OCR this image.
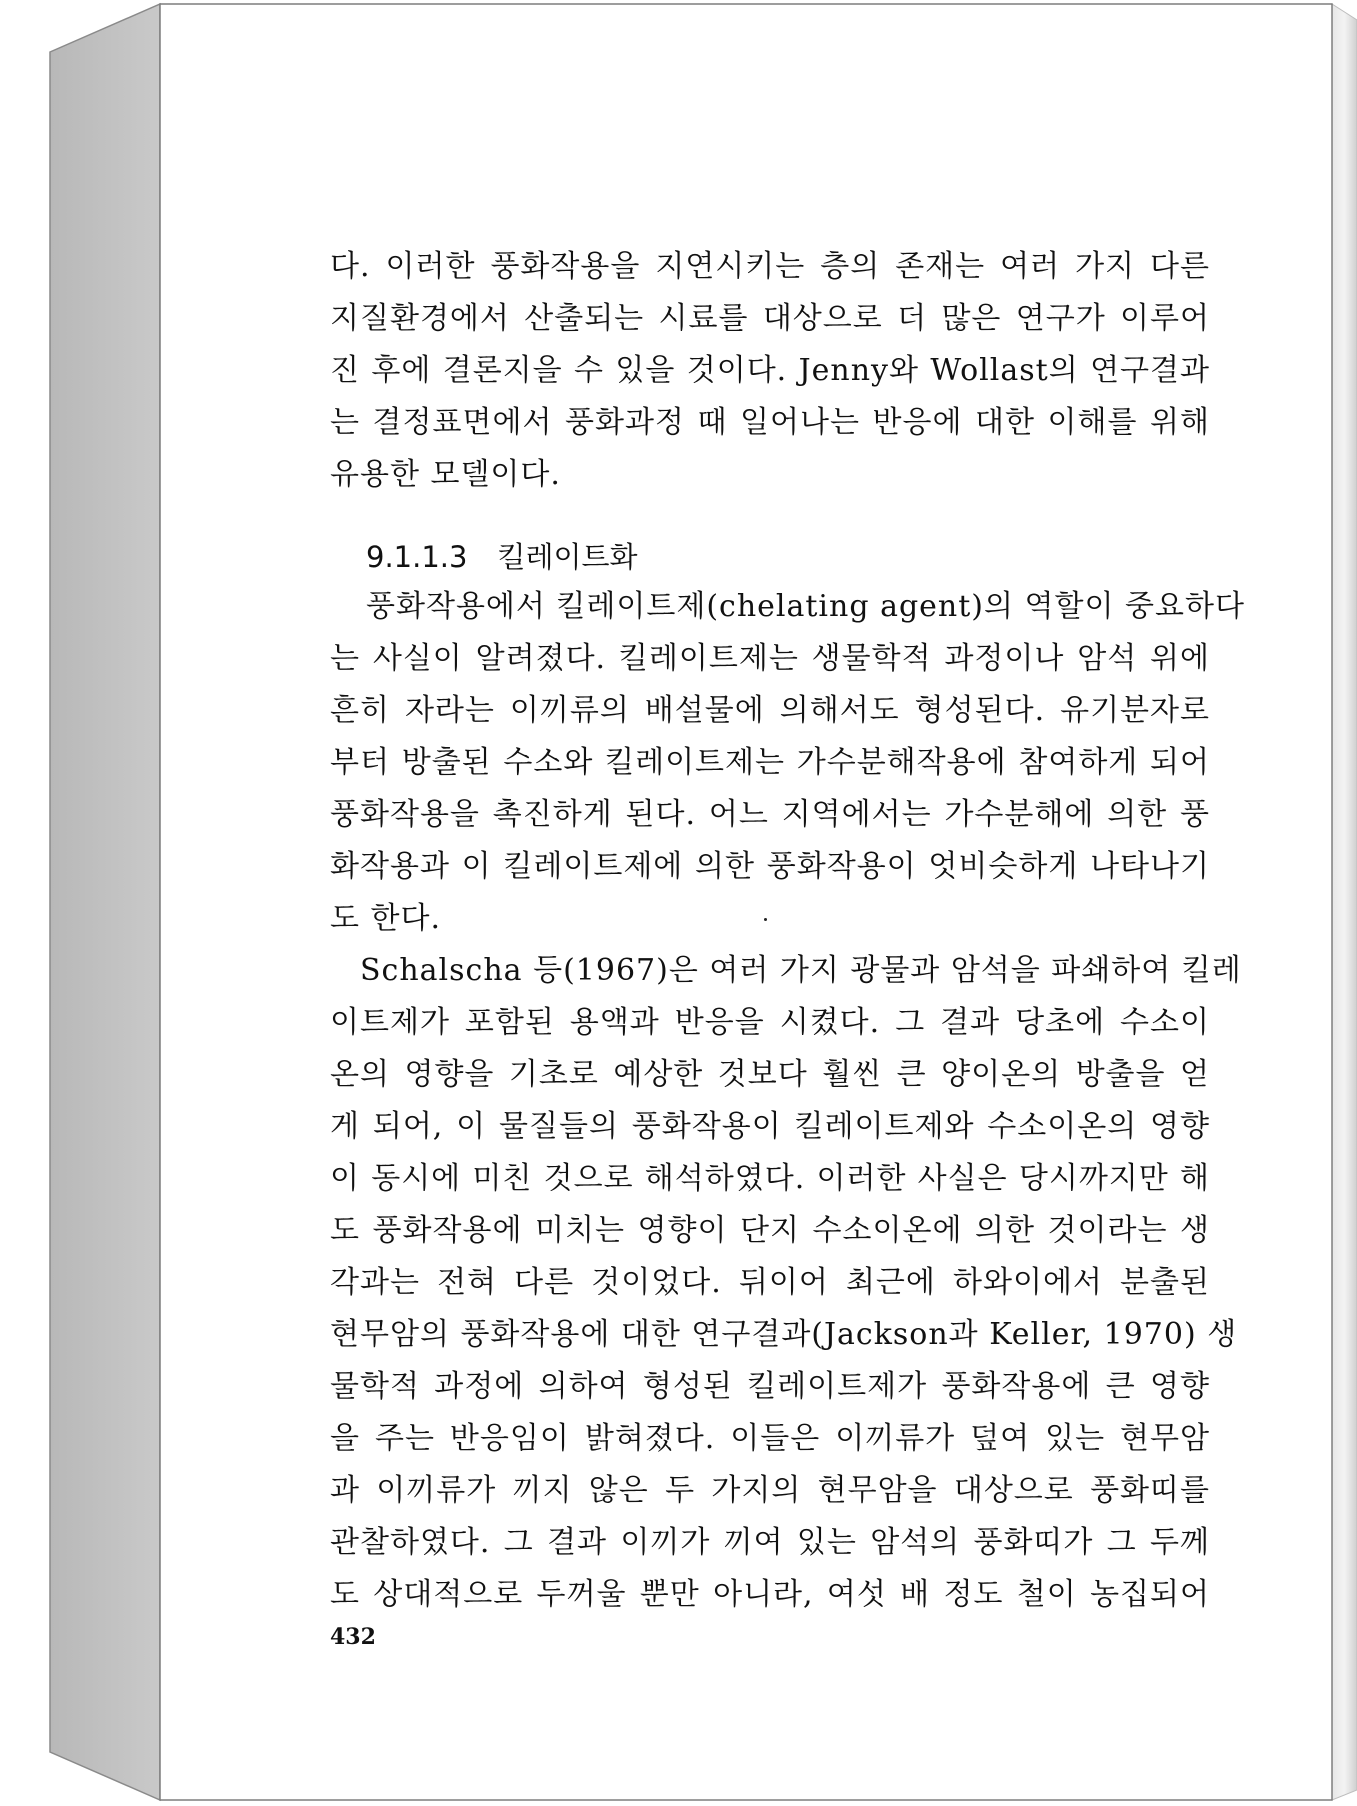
다. 이러한 풍화작용을 지연시키는 층의 존재는 여러 가지 다른
지질환경에서 산출되는 시료를 대상으로 더 많은 연구가 이루어
진 후에 결론지을 수 있을 것이다. Jenny와 Wollast의 연구결과
는 결정표면에서 풍화과정 때 일어나는 반응에 대한 이해를 위해
유용한 모델이다.
9.1.1.3 킬레이트화
풍화작용에서 킬레이트제(chelating agent)의 역할이 중요하다
는 사실이 알려졌다. 킬레이트제는 생물학적 과정이나 암석 위에
흔히 자라는 이끼류의 배설물에 의해서도 형성된다. 유기분자로
부터 방출된 수소와 킬레이트제는 가수분해작용에 참여하게 되어
풍화작용을 촉진하게 된다. 어느 지역에서는 가수분해에 의한 풍
화작용과 이 킬레이트제에 의한 풍화작용이 엇비슷하게 나타나기
도 한다.
Schalscha 등(1967)은 여러 가지 광물과 암석을 파쇄하여 킬레
이트제가 포함된 용액과 반응을 시켰다. 그 결과 당초에 수소이
온의 영향을 기초로 예상한 것보다 훨씬 큰 양이온의 방출을 얻
게 되어, 이 물질들의 풍화작용이 킬레이트제와 수소이온의 영향
이 동시에 미친 것으로 해석하였다. 이러한 사실은 당시까지만 해
도 풍화작용에 미치는 영향이 단지 수소이온에 의한 것이라는 생
각과는 전혀 다른 것이었다. 뒤이어 최근에 하와이에서 분출된
현무암의 풍화작용에 대한 연구결과(Jackson과 Keller, 1970) 생
물학적 과정에 의하여 형성된 킬레이트제가 풍화작용에 큰 영향
을 주는 반응임이 밝혀졌다. 이들은 이끼류가 덮여 있는 현무암
과 이끼류가 끼지 않은 두 가지의 현무암을 대상으로 풍화띠를
관찰하였다. 그 결과 이끼가 끼여 있는 암석의 풍화띠가 그 두께
도 상대적으로 두꺼울 뿐만 아니라, 여섯 배 정도 철이 농집되어
432
